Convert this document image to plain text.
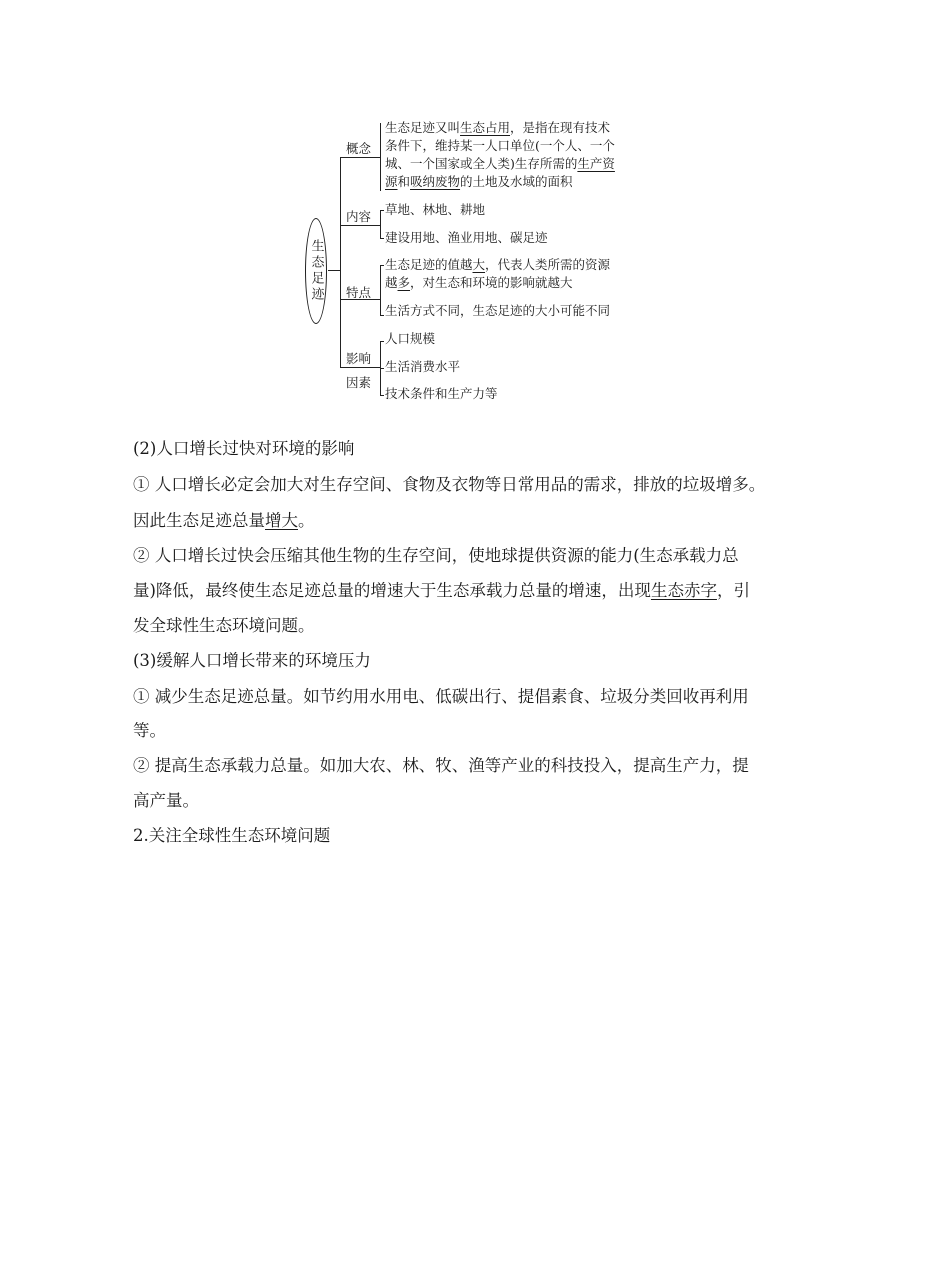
生态足迹
概念
内容
特点
影响
因素
生态足迹又叫生态占用，是指在现有技术
条件下，维持某一人口单位(一个人、一个
城、一个国家或全人类)生存所需的生产资
源和吸纳废物的土地及水域的面积
草地、林地、耕地
建设用地、渔业用地、碳足迹
生态足迹的值越大，代表人类所需的资源
越多，对生态和环境的影响就越大
生活方式不同，生态足迹的大小可能不同
人口规模
生活消费水平
技术条件和生产力等
(2)人口增长过快对环境的影响
① 人口增长必定会加大对生存空间、食物及衣物等日常用品的需求，排放的垃圾增多。
因此生态足迹总量增大。
② 人口增长过快会压缩其他生物的生存空间，使地球提供资源的能力(生态承载力总
量)降低，最终使生态足迹总量的增速大于生态承载力总量的增速，出现生态赤字，引
发全球性生态环境问题。
(3)缓解人口增长带来的环境压力
① 减少生态足迹总量。如节约用水用电、低碳出行、提倡素食、垃圾分类回收再利用
等。
② 提高生态承载力总量。如加大农、林、牧、渔等产业的科技投入，提高生产力，提
高产量。
2.关注全球性生态环境问题
